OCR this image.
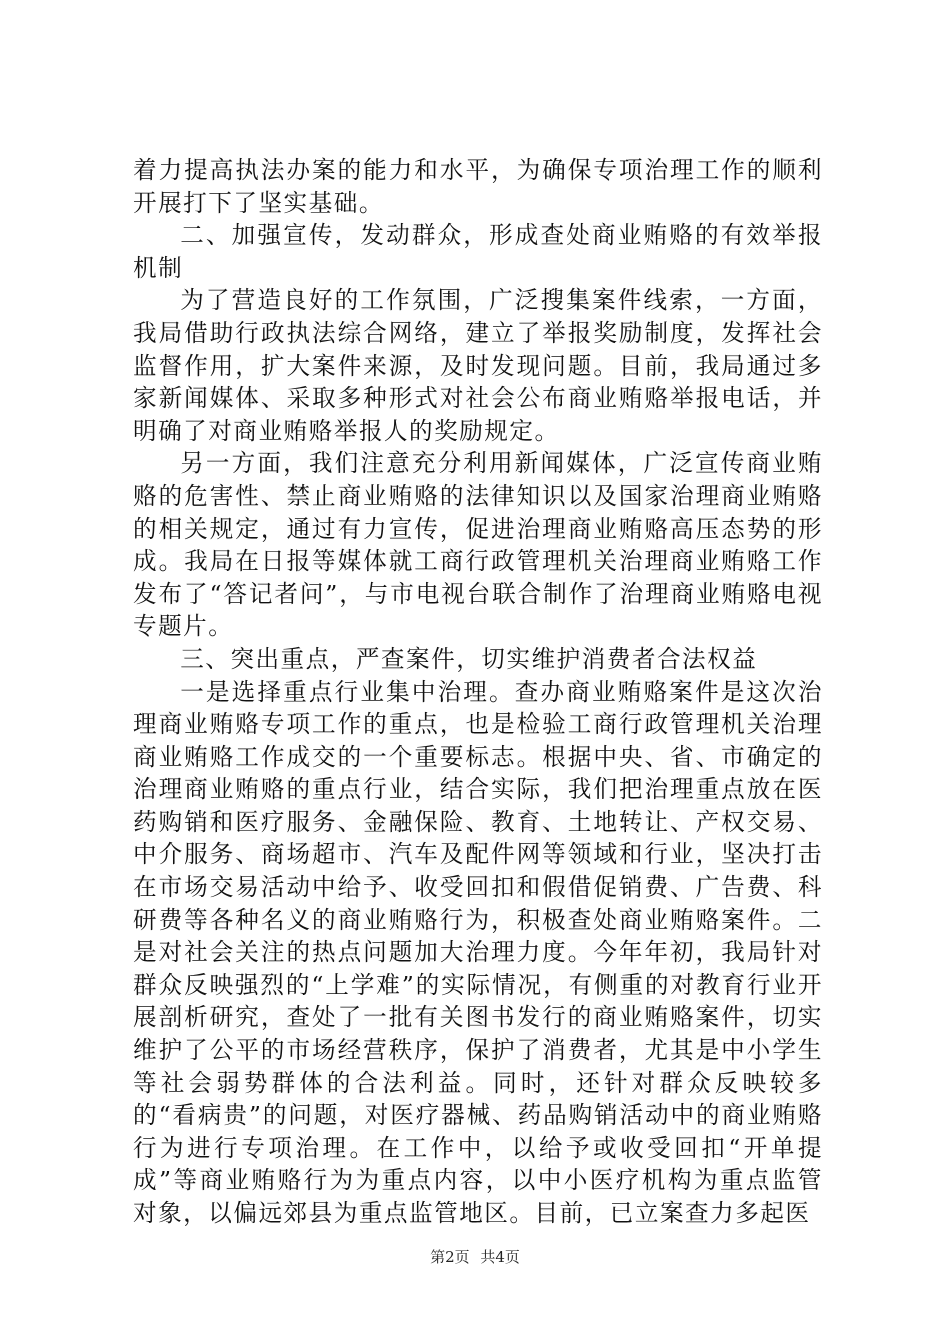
着力提高执法办案的能力和水平，为确保专项治理工作的顺利开展打下了坚实基础。

二、加强宣传，发动群众，形成查处商业贿赂的有效举报机制

为了营造良好的工作氛围，广泛搜集案件线索，一方面，我局借助行政执法综合网络，建立了举报奖励制度，发挥社会监督作用，扩大案件来源，及时发现问题。目前，我局通过多家新闻媒体、采取多种形式对社会公布商业贿赂举报电话，并明确了对商业贿赂举报人的奖励规定。

另一方面，我们注意充分利用新闻媒体，广泛宣传商业贿赂的危害性、禁止商业贿赂的法律知识以及国家治理商业贿赂的相关规定，通过有力宣传，促进治理商业贿赂高压态势的形成。我局在日报等媒体就工商行政管理机关治理商业贿赂工作发布了“答记者问”，与市电视台联合制作了治理商业贿赂电视专题片。

三、突出重点，严查案件，切实维护消费者合法权益

一是选择重点行业集中治理。查办商业贿赂案件是这次治理商业贿赂专项工作的重点，也是检验工商行政管理机关治理商业贿赂工作成交的一个重要标志。根据中央、省、市确定的治理商业贿赂的重点行业，结合实际，我们把治理重点放在医药购销和医疗服务、金融保险、教育、土地转让、产权交易、中介服务、商场超市、汽车及配件网等领域和行业，坚决打击在市场交易活动中给予、收受回扣和假借促销费、广告费、科研费等各种名义的商业贿赂行为，积极查处商业贿赂案件。二是对社会关注的热点问题加大治理力度。今年年初，我局针对群众反映强烈的“上学难”的实际情况，有侧重的对教育行业开展剖析研究，查处了一批有关图书发行的商业贿赂案件，切实维护了公平的市场经营秩序，保护了消费者，尤其是中小学生等社会弱势群体的合法利益。同时，还针对群众反映较多的“看病贵”的问题，对医疗器械、药品购销活动中的商业贿赂行为进行专项治理。在工作中，以给予或收受回扣“开单提成”等商业贿赂行为为重点内容，以中小医疗机构为重点监管对象，以偏远郊县为重点监管地区。目前，已立案查力多起医

第2页 共4页
